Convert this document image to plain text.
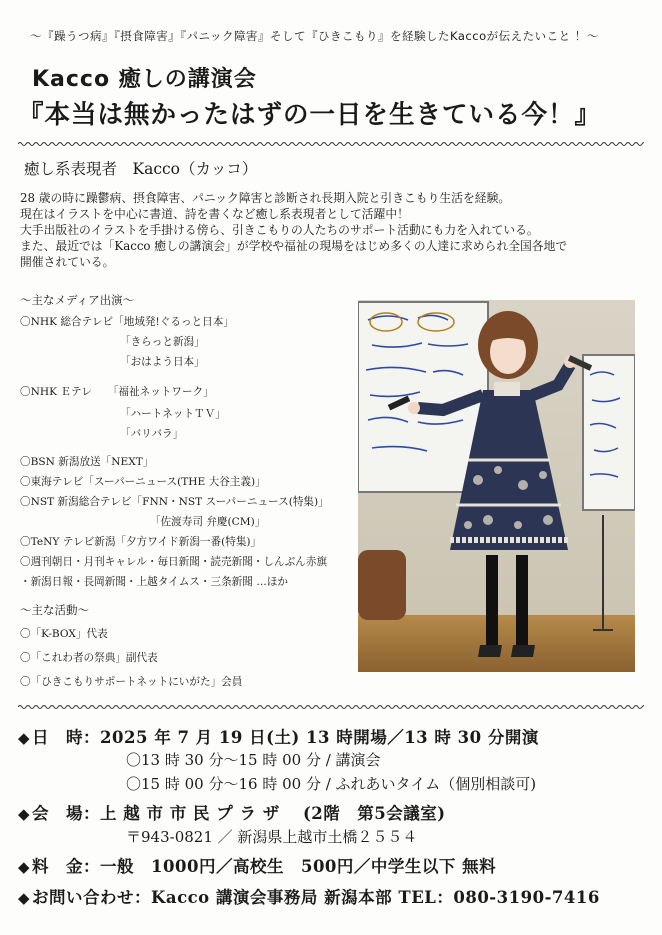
～『躁うつ病』『摂食障害』『パニック障害』そして『ひきこもり』を経験したKaccoが伝えたいこと ！～
Kacco 癒しの講演会
『本当は無かったはずの一日を生きている今！』
癒し系表現者　Kacco（カッコ）
28 歳の時に躁鬱病、摂食障害、パニック障害と診断され長期入院と引きこもり生活を経験。
現在はイラストを中心に書道、詩を書くなど癒し系表現者として活躍中！
大手出版社のイラストを手掛ける傍ら、引きこもりの人たちのサポート活動にも力を入れている。
また、最近では「Kacco 癒しの講演会」が学校や福祉の現場をはじめ多くの人達に求められ全国各地で
開催されている。
～主なメディア出演～
〇NHK 総合テレビ「地域発!ぐるっと日本」
「きらっと新潟」
「おはよう日本」
〇NHK Ｅテレ　　「福祉ネットワーク」
「ハートネットＴＶ」
「バリバラ」
〇BSN 新潟放送「NEXT」
〇東海テレビ「スーパーニュース(THE 大谷主義)」
〇NST 新潟総合テレビ「FNN・NST スーパーニュース(特集)」
「佐渡寿司 弁慶(CM)」
〇TeNY テレビ新潟「夕方ワイド新潟一番(特集)」
〇週刊朝日・月刊キャレル・毎日新聞・読売新聞・しんぶん赤旗
・新潟日報・長岡新聞・上越タイムス・三条新聞 …ほか
～主な活動～
〇「K-BOX」代表
〇「これわ者の祭典」副代表
〇「ひきこもりサポートネットにいがた」会員
◆ 日　時：2025 年 7 月 19 日(土) 13 時開場／13 時 30 分開演
〇13 時 30 分～15 時 00 分 / 講演会
〇15 時 00 分～16 時 00 分 / ふれあいタイム（個別相談可)
◆ 会　場：上 越 市 市 民 プ ラ ザ　 (2階　第5会議室)
〒943-0821 ／ 新潟県上越市土橋２５５４
◆ 料　金：一般　1000円／高校生　500円／中学生以下 無料
◆ お問い合わせ：Kacco 講演会事務局 新潟本部 TEL：080-3190-7416
